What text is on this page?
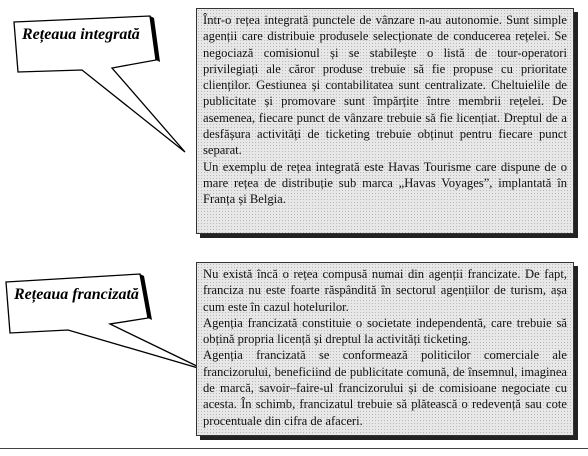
Rețeaua integrată
Rețeaua francizată

Într-o rețea integrată punctele de vânzare n-au autonomie. Sunt simple agenții care distribuie produsele selecționate de conducerea rețelei. Se negociază comisionul și se stabilește o listă de tour-operatori privilegiați ale căror produse trebuie să fie propuse cu prioritate clienților. Gestiunea și contabilitatea sunt centralizate. Cheltuielile de publicitate și promovare sunt împărțite între membrii rețelei. De asemenea, fiecare punct de vânzare trebuie să fie licențiat. Dreptul de a desfășura activități de ticketing trebuie obținut pentru fiecare punct separat.

Un exemplu de rețea integrată este Havas Tourisme care dispune de o mare rețea de distribuție sub marca „Havas Voyages”, implantată în Franța și Belgia.

Nu există încă o rețea compusă numai din agenții francizate. De fapt, franciza nu este foarte răspândită în sectorul agențiilor de turism, așa cum este în cazul hotelurilor.

Agenția francizată constituie o societate independentă, care trebuie să obțină propria licență și dreptul la activități ticketing.

Agenția francizată se conformează politicilor comerciale ale francizorului, beneficiind de publicitate comună, de însemnul, imaginea de marcă, savoir–faire-ul francizorului și de comisioane negociate cu acesta. În schimb, francizatul trebuie să plătească o redevență sau cote procentuale din cifra de afaceri.
